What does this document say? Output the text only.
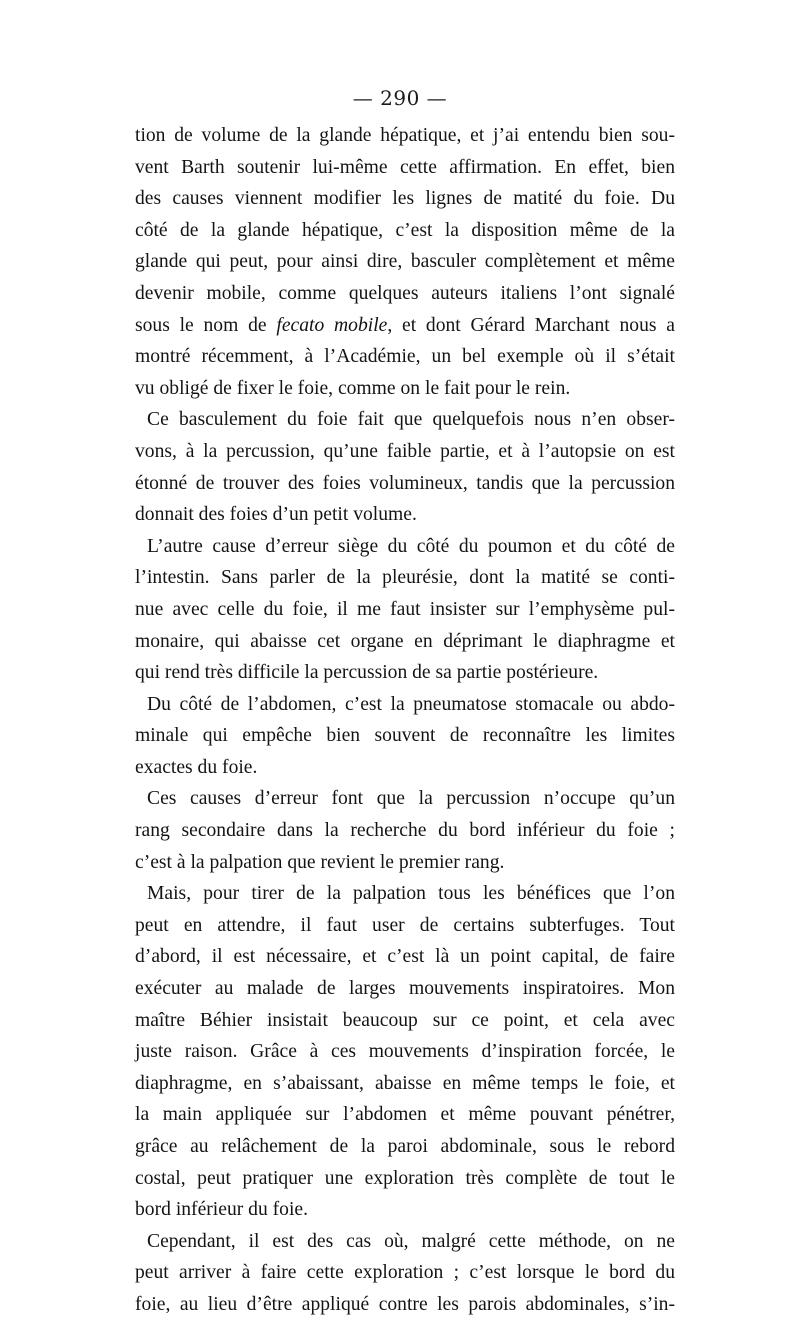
— 290 —
tion de volume de la glande hépatique, et j’ai entendu bien sou-
vent Barth soutenir lui-même cette affirmation. En effet, bien
des causes viennent modifier les lignes de matité du foie. Du
côté de la glande hépatique, c’est la disposition même de la
glande qui peut, pour ainsi dire, basculer complètement et même
devenir mobile, comme quelques auteurs italiens l’ont signalé
sous le nom de fecato mobile, et dont Gérard Marchant nous a
montré récemment, à l’Académie, un bel exemple où il s’était
vu obligé de fixer le foie, comme on le fait pour le rein.
Ce basculement du foie fait que quelquefois nous n’en obser-
vons, à la percussion, qu’une faible partie, et à l’autopsie on est
étonné de trouver des foies volumineux, tandis que la percussion
donnait des foies d’un petit volume.
L’autre cause d’erreur siège du côté du poumon et du côté de
l’intestin. Sans parler de la pleurésie, dont la matité se conti-
nue avec celle du foie, il me faut insister sur l’emphysème pul-
monaire, qui abaisse cet organe en déprimant le diaphragme et
qui rend très difficile la percussion de sa partie postérieure.
Du côté de l’abdomen, c’est la pneumatose stomacale ou abdo-
minale qui empêche bien souvent de reconnaître les limites
exactes du foie.
Ces causes d’erreur font que la percussion n’occupe qu’un
rang secondaire dans la recherche du bord inférieur du foie ;
c’est à la palpation que revient le premier rang.
Mais, pour tirer de la palpation tous les bénéfices que l’on
peut en attendre, il faut user de certains subterfuges. Tout
d’abord, il est nécessaire, et c’est là un point capital, de faire
exécuter au malade de larges mouvements inspiratoires. Mon
maître Béhier insistait beaucoup sur ce point, et cela avec
juste raison. Grâce à ces mouvements d’inspiration forcée, le
diaphragme, en s’abaissant, abaisse en même temps le foie, et
la main appliquée sur l’abdomen et même pouvant pénétrer,
grâce au relâchement de la paroi abdominale, sous le rebord
costal, peut pratiquer une exploration très complète de tout le
bord inférieur du foie.
Cependant, il est des cas où, malgré cette méthode, on ne
peut arriver à faire cette exploration ; c’est lorsque le bord du
foie, au lieu d’être appliqué contre les parois abdominales, s’in-
